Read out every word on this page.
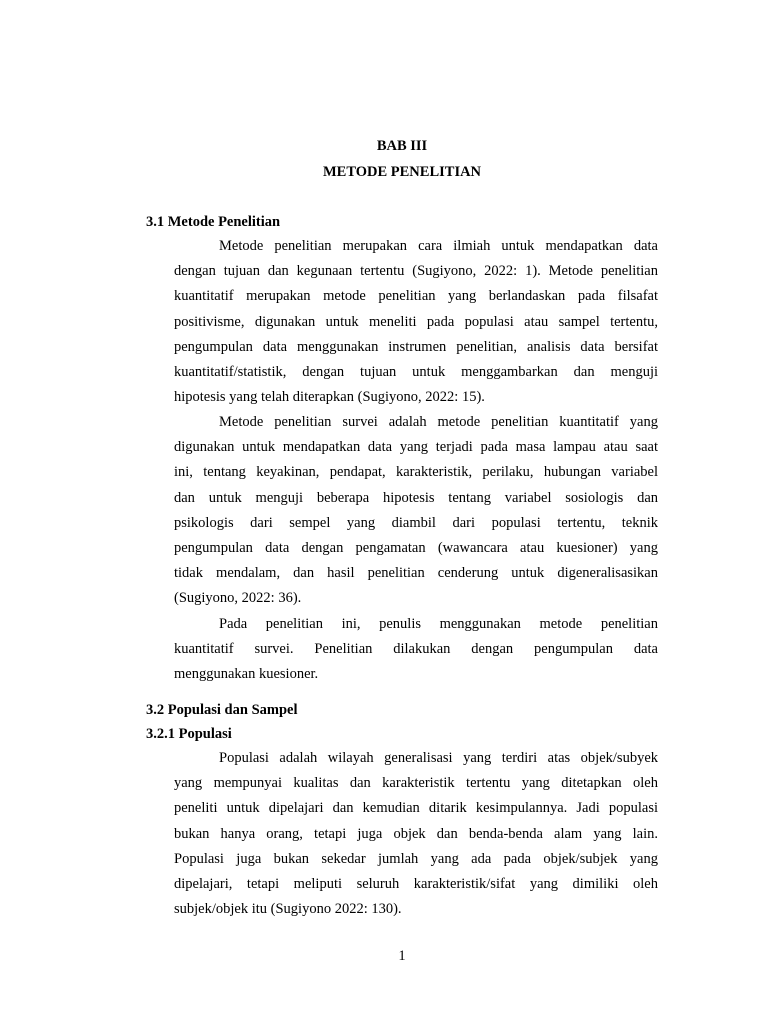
BAB III
METODE PENELITIAN
3.1 Metode Penelitian
Metode penelitian merupakan cara ilmiah untuk mendapatkan data
dengan tujuan dan kegunaan tertentu (Sugiyono, 2022: 1). Metode penelitian
kuantitatif merupakan metode penelitian yang berlandaskan pada filsafat
positivisme, digunakan untuk meneliti pada populasi atau sampel tertentu,
pengumpulan data menggunakan instrumen penelitian, analisis data bersifat
kuantitatif/statistik, dengan tujuan untuk menggambarkan dan menguji
hipotesis yang telah diterapkan (Sugiyono, 2022: 15).
Metode penelitian survei adalah metode penelitian kuantitatif yang
digunakan untuk mendapatkan data yang terjadi pada masa lampau atau saat
ini, tentang keyakinan, pendapat, karakteristik, perilaku, hubungan variabel
dan untuk menguji beberapa hipotesis tentang variabel sosiologis dan
psikologis dari sempel yang diambil dari populasi tertentu, teknik
pengumpulan data dengan pengamatan (wawancara atau kuesioner) yang
tidak mendalam, dan hasil penelitian cenderung untuk digeneralisasikan
(Sugiyono, 2022: 36).
Pada penelitian ini, penulis menggunakan metode penelitian
kuantitatif survei. Penelitian dilakukan dengan pengumpulan data
menggunakan kuesioner.
3.2 Populasi dan Sampel
3.2.1 Populasi
Populasi adalah wilayah generalisasi yang terdiri atas objek/subyek
yang mempunyai kualitas dan karakteristik tertentu yang ditetapkan oleh
peneliti untuk dipelajari dan kemudian ditarik kesimpulannya. Jadi populasi
bukan hanya orang, tetapi juga objek dan benda-benda alam yang lain.
Populasi juga bukan sekedar jumlah yang ada pada objek/subjek yang
dipelajari, tetapi meliputi seluruh karakteristik/sifat yang dimiliki oleh
subjek/objek itu (Sugiyono 2022: 130).
1
